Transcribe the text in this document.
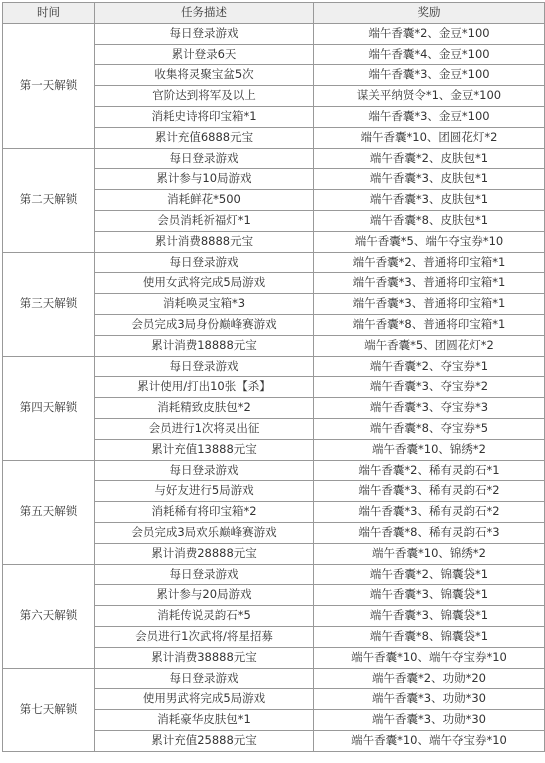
时间	任务描述	奖励
第一天解锁	每日登录游戏	端午香囊*2、金豆*100
	累计登录6天	端午香囊*4、金豆*100
	收集将灵聚宝盆5次	端午香囊*3、金豆*100
	官阶达到将军及以上	谋关平纳贤令*1、金豆*100
	消耗史诗将印宝箱*1	端午香囊*3、金豆*100
	累计充值6888元宝	端午香囊*10、团圆花灯*2
第二天解锁	每日登录游戏	端午香囊*2、皮肤包*1
	累计参与10局游戏	端午香囊*3、皮肤包*1
	消耗鲜花*500	端午香囊*3、皮肤包*1
	会员消耗祈福灯*1	端午香囊*8、皮肤包*1
	累计消费8888元宝	端午香囊*5、端午夺宝券*10
第三天解锁	每日登录游戏	端午香囊*2、普通将印宝箱*1
	使用女武将完成5局游戏	端午香囊*3、普通将印宝箱*1
	消耗唤灵宝箱*3	端午香囊*3、普通将印宝箱*1
	会员完成3局身份巅峰赛游戏	端午香囊*8、普通将印宝箱*1
	累计消费18888元宝	端午香囊*5、团圆花灯*2
第四天解锁	每日登录游戏	端午香囊*2、夺宝券*1
	累计使用/打出10张【杀】	端午香囊*3、夺宝券*2
	消耗精致皮肤包*2	端午香囊*3、夺宝券*3
	会员进行1次将灵出征	端午香囊*8、夺宝券*5
	累计充值13888元宝	端午香囊*10、锦绣*2
第五天解锁	每日登录游戏	端午香囊*2、稀有灵韵石*1
	与好友进行5局游戏	端午香囊*3、稀有灵韵石*2
	消耗稀有将印宝箱*2	端午香囊*3、稀有灵韵石*2
	会员完成3局欢乐巅峰赛游戏	端午香囊*8、稀有灵韵石*3
	累计消费28888元宝	端午香囊*10、锦绣*2
第六天解锁	每日登录游戏	端午香囊*2、锦囊袋*1
	累计参与20局游戏	端午香囊*3、锦囊袋*1
	消耗传说灵韵石*5	端午香囊*3、锦囊袋*1
	会员进行1次武将/将星招募	端午香囊*8、锦囊袋*1
	累计消费38888元宝	端午香囊*10、端午夺宝券*10
第七天解锁	每日登录游戏	端午香囊*2、功勋*20
	使用男武将完成5局游戏	端午香囊*3、功勋*30
	消耗豪华皮肤包*1	端午香囊*3、功勋*30
	累计充值25888元宝	端午香囊*10、端午夺宝券*10
